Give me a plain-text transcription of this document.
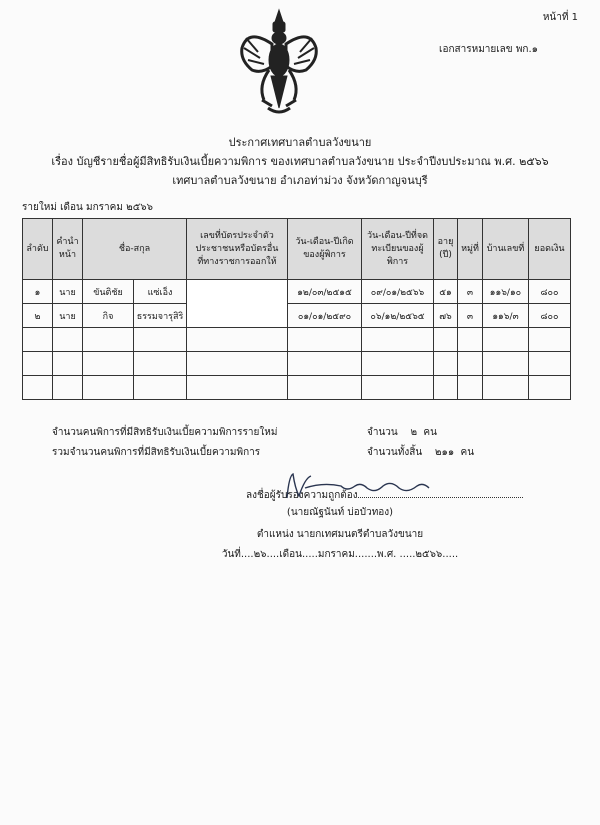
หน้าที่ 1
เอกสารหมายเลข พก.๑
ประกาศเทศบาลตำบลวังขนาย
เรื่อง บัญชีรายชื่อผู้มีสิทธิรับเงินเบี้ยความพิการ ของเทศบาลตำบลวังขนาย ประจำปีงบประมาณ พ.ศ. ๒๕๖๖
เทศบาลตำบลวังขนาย อำเภอท่าม่วง จังหวัดกาญจนบุรี
รายใหม่ เดือน มกราคม ๒๕๖๖
ลำดับ	คำนำหน้า	ชื่อ-สกุล		เลขที่บัตรประจำตัวประชาชนหรือบัตรอื่นที่ทางราชการออกให้	วัน-เดือน-ปีเกิดของผู้พิการ	วัน-เดือน-ปีที่จดทะเบียนของผู้พิการ	อายุ (ปี)	หมู่ที่	บ้านเลขที่	ยอดเงิน
๑	นาย	ขันติชัย	แซ่เอ็ง		๑๒/๐๓/๒๕๑๕	๐๙/๐๑/๒๕๖๖	๕๑	๓	๑๑๖/๑๐	๘๐๐
๒	นาย	กิจ	ธรรมจารุสิริ		๐๑/๐๑/๒๕๙๐	๐๖/๑๒/๒๕๖๕	๗๖	๓	๑๑๖/๓	๘๐๐

จำนวนคนพิการที่มีสิทธิรับเงินเบี้ยความพิการรายใหม่	จำนวน    ๒  คน
รวมจำนวนคนพิการที่มีสิทธิรับเงินเบี้ยความพิการ	จำนวนทั้งสิ้น    ๒๑๑  คน
ลงชื่อผู้รับรองความถูกต้อง
(นายณัฐนันท์ บ่อบัวทอง)
ตำแหน่ง นายกเทศมนตรีตำบลวังขนาย
วันที่....๒๖....เดือน.....มกราคม.......พ.ศ. .....๒๕๖๖.....
